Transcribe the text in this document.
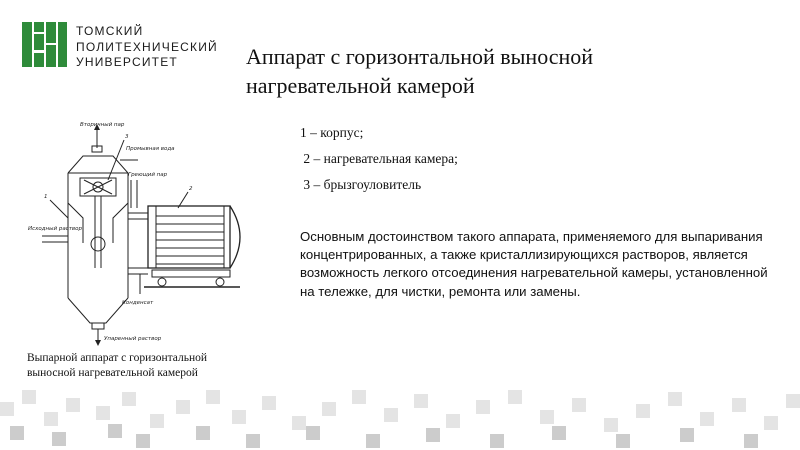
ТОМСКИЙ
ПОЛИТЕХНИЧЕСКИЙ
УНИВЕРСИТЕТ	Аппарат с горизонтальной выносной
нагревательной камерой
1 – корпус;
2 – нагревательная камера;
3 – брызгоуловитель
Основным достоинством такого аппарата, применяемого для выпаривания концентрированных, а также кристаллизирующихся растворов, является возможность легкого отсоединения нагревательной камеры, установленной на тележке, для чистки, ремонта или замены.
Вторичный пар
Промывная вода
Греющий пар
Исходный раствор
Конденсат
Упаренный раствор
1
2
3
Выпарной аппарат с горизонтальной выносной нагревательной камерой
